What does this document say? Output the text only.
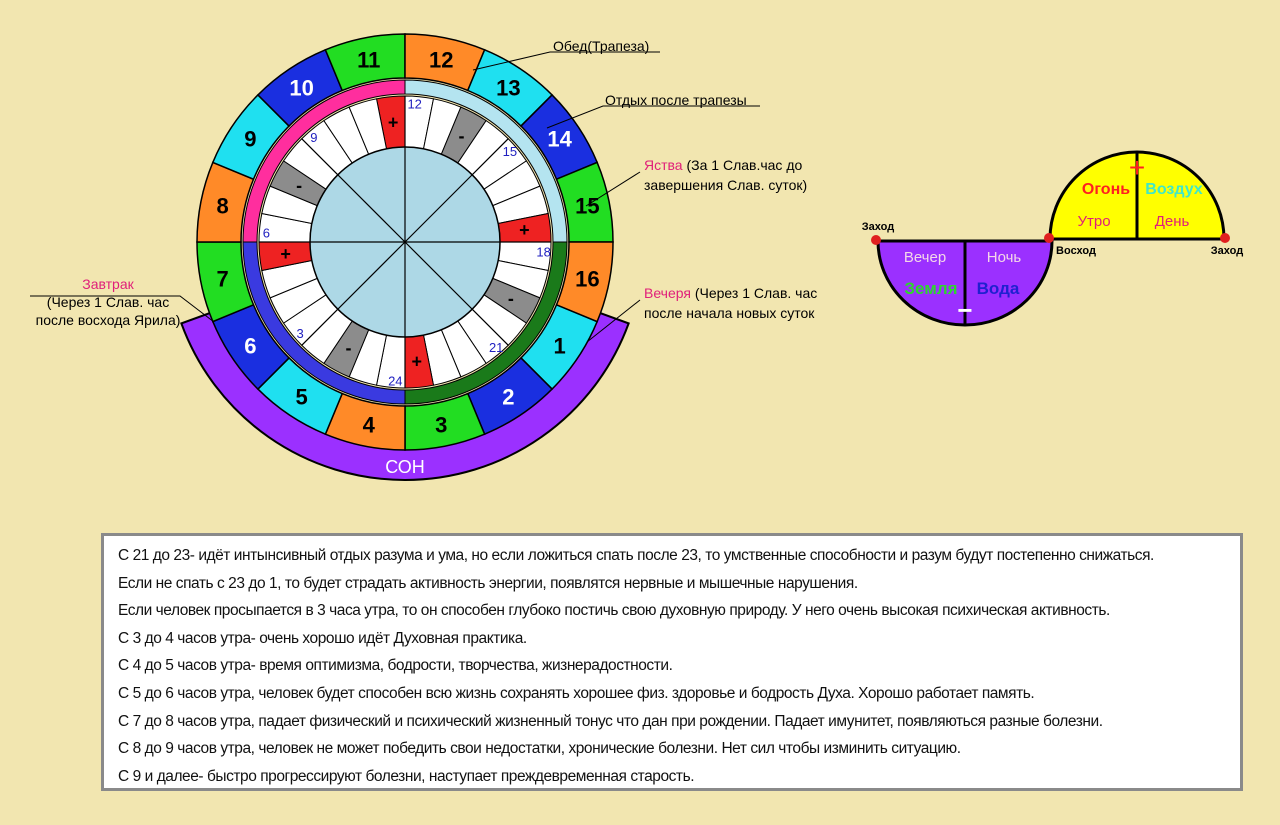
СОН
1
2
3
4
5
6
7
8
9
10
11 12
13
14
15
16
+
-
+
-
+
-
+
-
12
15
18
21
24
3
6
9
Огонь Воздух
Утро	День
+
Вечер	Ночь
Земля Вода
−
Заход
Восход	Заход
Обед(Трапеза)
Отдых после трапезы
Яства (За 1 Слав.час до
завершения Слав. суток)
Вечеря (Через 1 Слав. час
после начала новых суток
Завтрак
(Через 1 Слав. час
после восхода Ярила)
С 21 до 23- идёт интынсивный отдых разума и ума, но если ложиться спать после 23, то умственные способности и разум будут постепенно снижаться.
Если не спать с 23 до 1, то будет страдать активность энергии, появлятся нервные и мышечные нарушения.
Если человек просыпается в 3 часа утра, то он способен глубоко постичь свою духовную природу. У него очень высокая психическая активность.
С 3 до 4 часов утра- очень хорошо идёт Духовная практика.
С 4 до 5 часов утра- время оптимизма, бодрости, творчества, жизнерадостности.
С 5 до 6 часов утра, человек будет способен всю жизнь сохранять хорошее физ. здоровье и бодрость Духа. Хорошо работает память.
С 7 до 8 часов утра, падает физический и психический жизненный тонус что дан при рождении. Падает имунитет, появляються разные болезни.
С 8 до 9 часов утра, человек не может победить свои недостатки, хронические болезни. Нет сил чтобы изминить ситуацию.
С 9 и далее- быстро прогрессируют болезни, наступает преждевременная старость.
